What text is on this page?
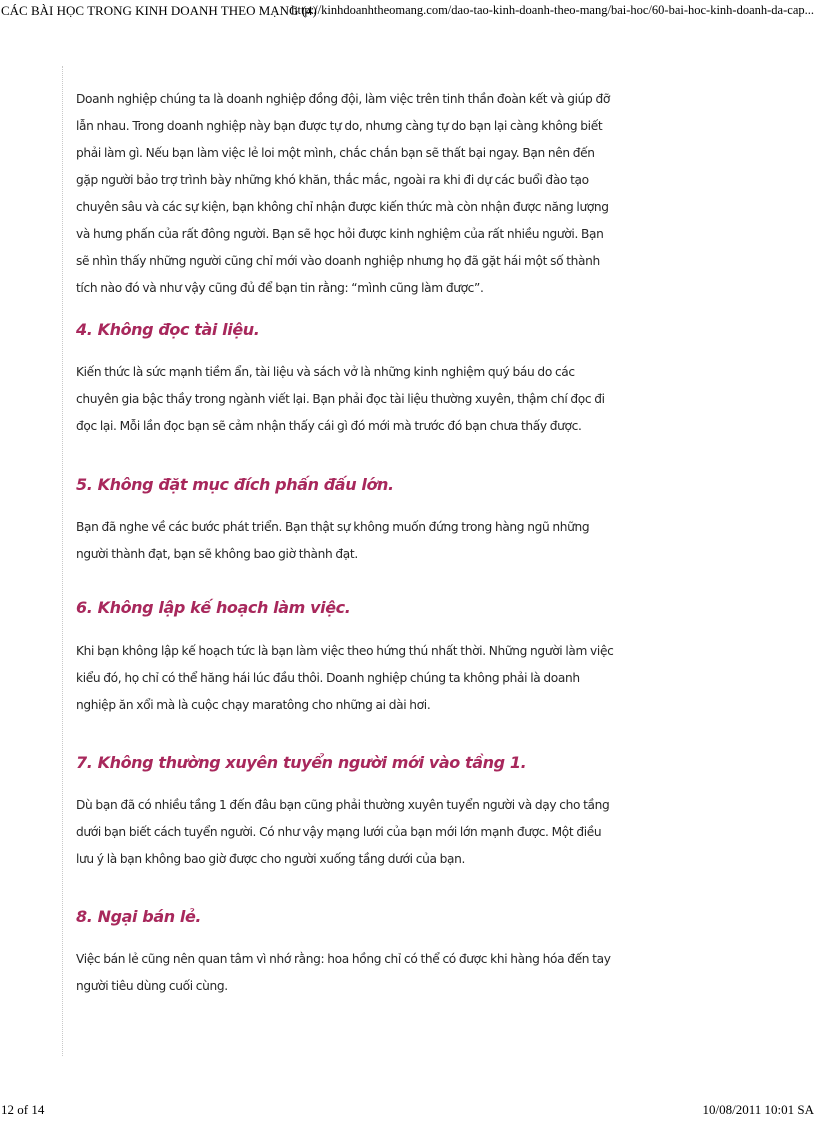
CÁC BÀI HỌC TRONG KINH DOANH THEO MẠNG (4)
http://kinhdoanhtheomang.com/dao-tao-kinh-doanh-theo-mang/bai-hoc/60-bai-hoc-kinh-doanh-da-cap...

Doanh nghiệp chúng ta là doanh nghiệp đồng đội, làm việc trên tinh thần đoàn kết và giúp đỡ lẫn nhau. Trong doanh nghiệp này bạn được tự do, nhưng càng tự do bạn lại càng không biết phải làm gì. Nếu bạn làm việc lẻ loi một mình, chắc chắn bạn sẽ thất bại ngay. Bạn nên đến gặp người bảo trợ trình bày những khó khăn, thắc mắc, ngoài ra khi đi dự các buổi đào tạo chuyên sâu và các sự kiện, bạn không chỉ nhận được kiến thức mà còn nhận được năng lượng và hưng phấn của rất đông người. Bạn sẽ học hỏi được kinh nghiệm của rất nhiều người. Bạn sẽ nhìn thấy những người cũng chỉ mới vào doanh nghiệp nhưng họ đã gặt hái một số thành tích nào đó và như vậy cũng đủ để bạn tin rằng: “mình cũng làm được”.

4. Không đọc tài liệu.

Kiến thức là sức mạnh tiềm ẩn, tài liệu và sách vở là những kinh nghiệm quý báu do các chuyên gia bậc thầy trong ngành viết lại. Bạn phải đọc tài liệu thường xuyên, thậm chí đọc đi đọc lại. Mỗi lần đọc bạn sẽ cảm nhận thấy cái gì đó mới mà trước đó bạn chưa thấy được.

5. Không đặt mục đích phấn đấu lớn.

Bạn đã nghe về các bước phát triển. Bạn thật sự không muốn đứng trong hàng ngũ những người thành đạt, bạn sẽ không bao giờ thành đạt.

6. Không lập kế hoạch làm việc.

Khi bạn không lập kế hoạch tức là bạn làm việc theo hứng thú nhất thời. Những người làm việc kiểu đó, họ chỉ có thể hăng hái lúc đầu thôi. Doanh nghiệp chúng ta không phải là doanh nghiệp ăn xổi mà là cuộc chạy maratông cho những ai dài hơi.

7. Không thường xuyên tuyển người mới vào tầng 1.

Dù bạn đã có nhiều tầng 1 đến đâu bạn cũng phải thường xuyên tuyển người và dạy cho tầng dưới bạn biết cách tuyển người. Có như vậy mạng lưới của bạn mới lớn mạnh được. Một điều lưu ý là bạn không bao giờ được cho người xuống tầng dưới của bạn.

8. Ngại bán lẻ.

Việc bán lẻ cũng nên quan tâm vì nhớ rằng: hoa hồng chỉ có thể có được khi hàng hóa đến tay người tiêu dùng cuối cùng.

12 of 14	10/08/2011 10:01 SA
